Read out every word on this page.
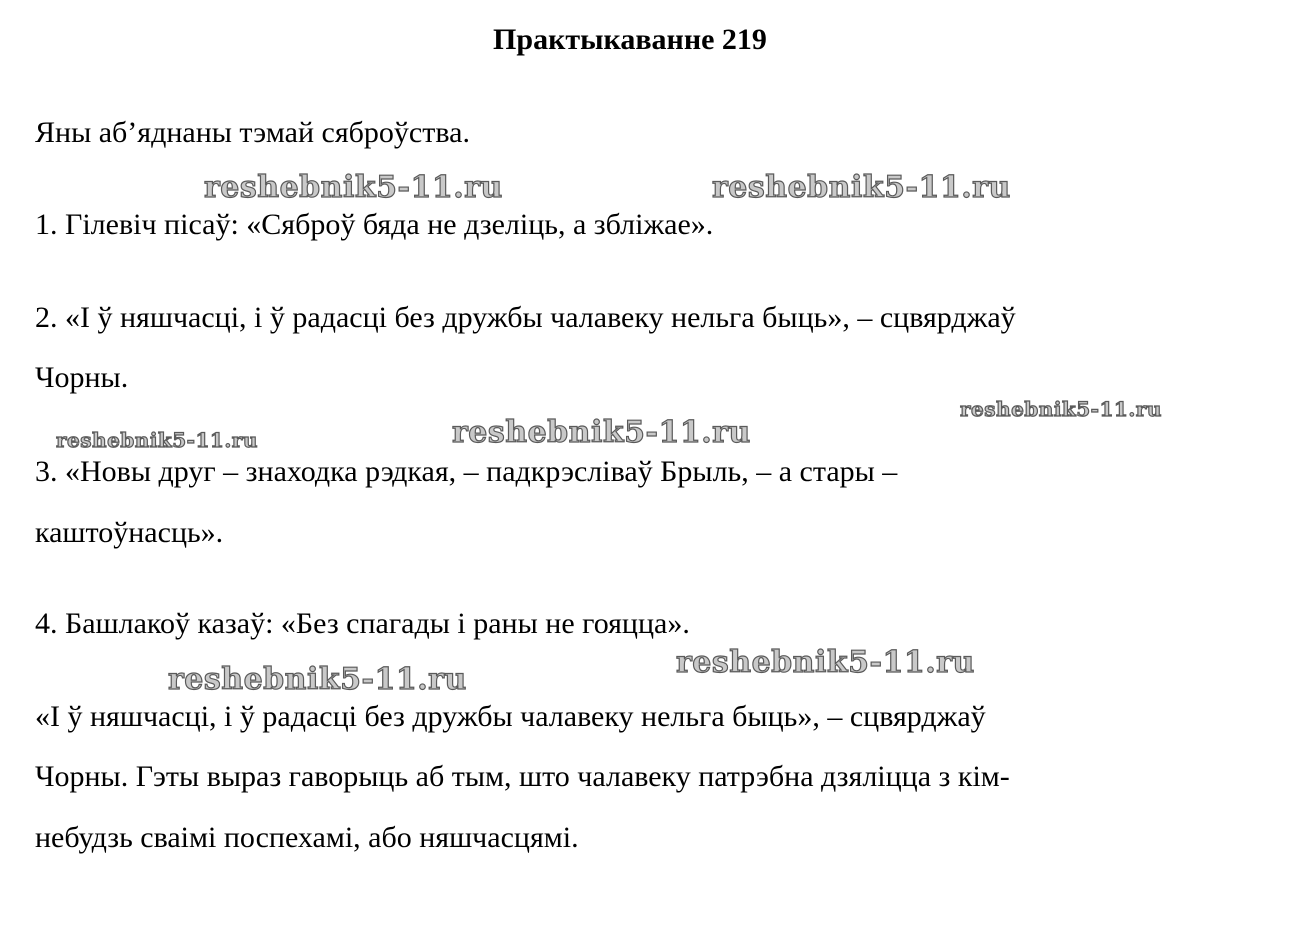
Практыкаванне 219

Яны аб’яднаны тэмай сяброўства.

1. Гілевіч пісаў: «Сяброў бяда не дзеліць, а зблiжае».

2. «І ў няшчасці, і ў радасці без дружбы чалавеку нельга быць», – сцвярджаў

Чорны.

3. «Новы друг – знаходка рэдкая, – падкрэсліваў Брыль, – а стары –

каштоўнасць».

4. Башлакоў казаў: «Без спагады і раны не гояцца».

«І ў няшчасці, і ў радасці без дружбы чалавеку нельга быць», – сцвярджаў

Чорны. Гэты выраз гаворыць аб тым, што чалавеку патрэбна дзяліцца з кім-

небудзь сваімі поспехамі, або няшчасцямі.

reshebnik5-11.ru	reshebnik5-11.ru
reshebnik5-11.ru
reshebnik5-11.ru	reshebnik5-11.ru
reshebnik5-11.ru
reshebnik5-11.ru
